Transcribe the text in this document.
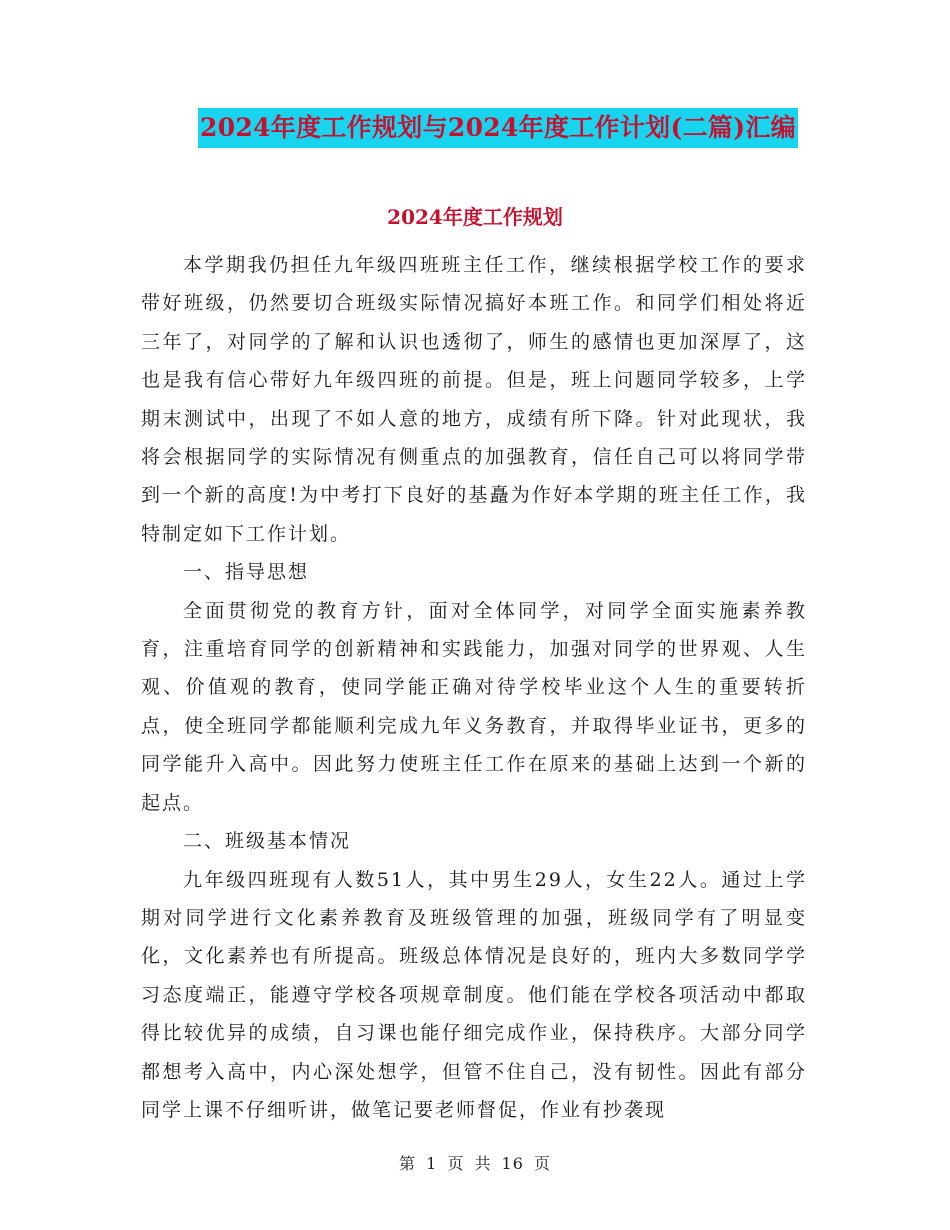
2024年度工作规划与2024年度工作计划(二篇)汇编
2024年度工作规划

本学期我仍担任九年级四班班主任工作，继续根据学校工作的要求带好班级，仍然要切合班级实际情况搞好本班工作。和同学们相处将近三年了，对同学的了解和认识也透彻了，师生的感情也更加深厚了，这也是我有信心带好九年级四班的前提。但是，班上问题同学较多，上学期末测试中，出现了不如人意的地方，成绩有所下降。针对此现状，我将会根据同学的实际情况有侧重点的加强教育，信任自己可以将同学带到一个新的高度!为中考打下良好的基矗为作好本学期的班主任工作，我特制定如下工作计划。

一、指导思想

全面贯彻党的教育方针，面对全体同学，对同学全面实施素养教育，注重培育同学的创新精神和实践能力，加强对同学的世界观、人生观、价值观的教育，使同学能正确对待学校毕业这个人生的重要转折点，使全班同学都能顺利完成九年义务教育，并取得毕业证书，更多的同学能升入高中。因此努力使班主任工作在原来的基础上达到一个新的起点。

二、班级基本情况

九年级四班现有人数51人，其中男生29人，女生22人。通过上学期对同学进行文化素养教育及班级管理的加强，班级同学有了明显变化，文化素养也有所提高。班级总体情况是良好的，班内大多数同学学习态度端正，能遵守学校各项规章制度。他们能在学校各项活动中都取得比较优异的成绩，自习课也能仔细完成作业，保持秩序。大部分同学都想考入高中，内心深处想学，但管不住自己，没有韧性。因此有部分同学上课不仔细听讲，做笔记要老师督促，作业有抄袭现

第 1 页 共 16 页
